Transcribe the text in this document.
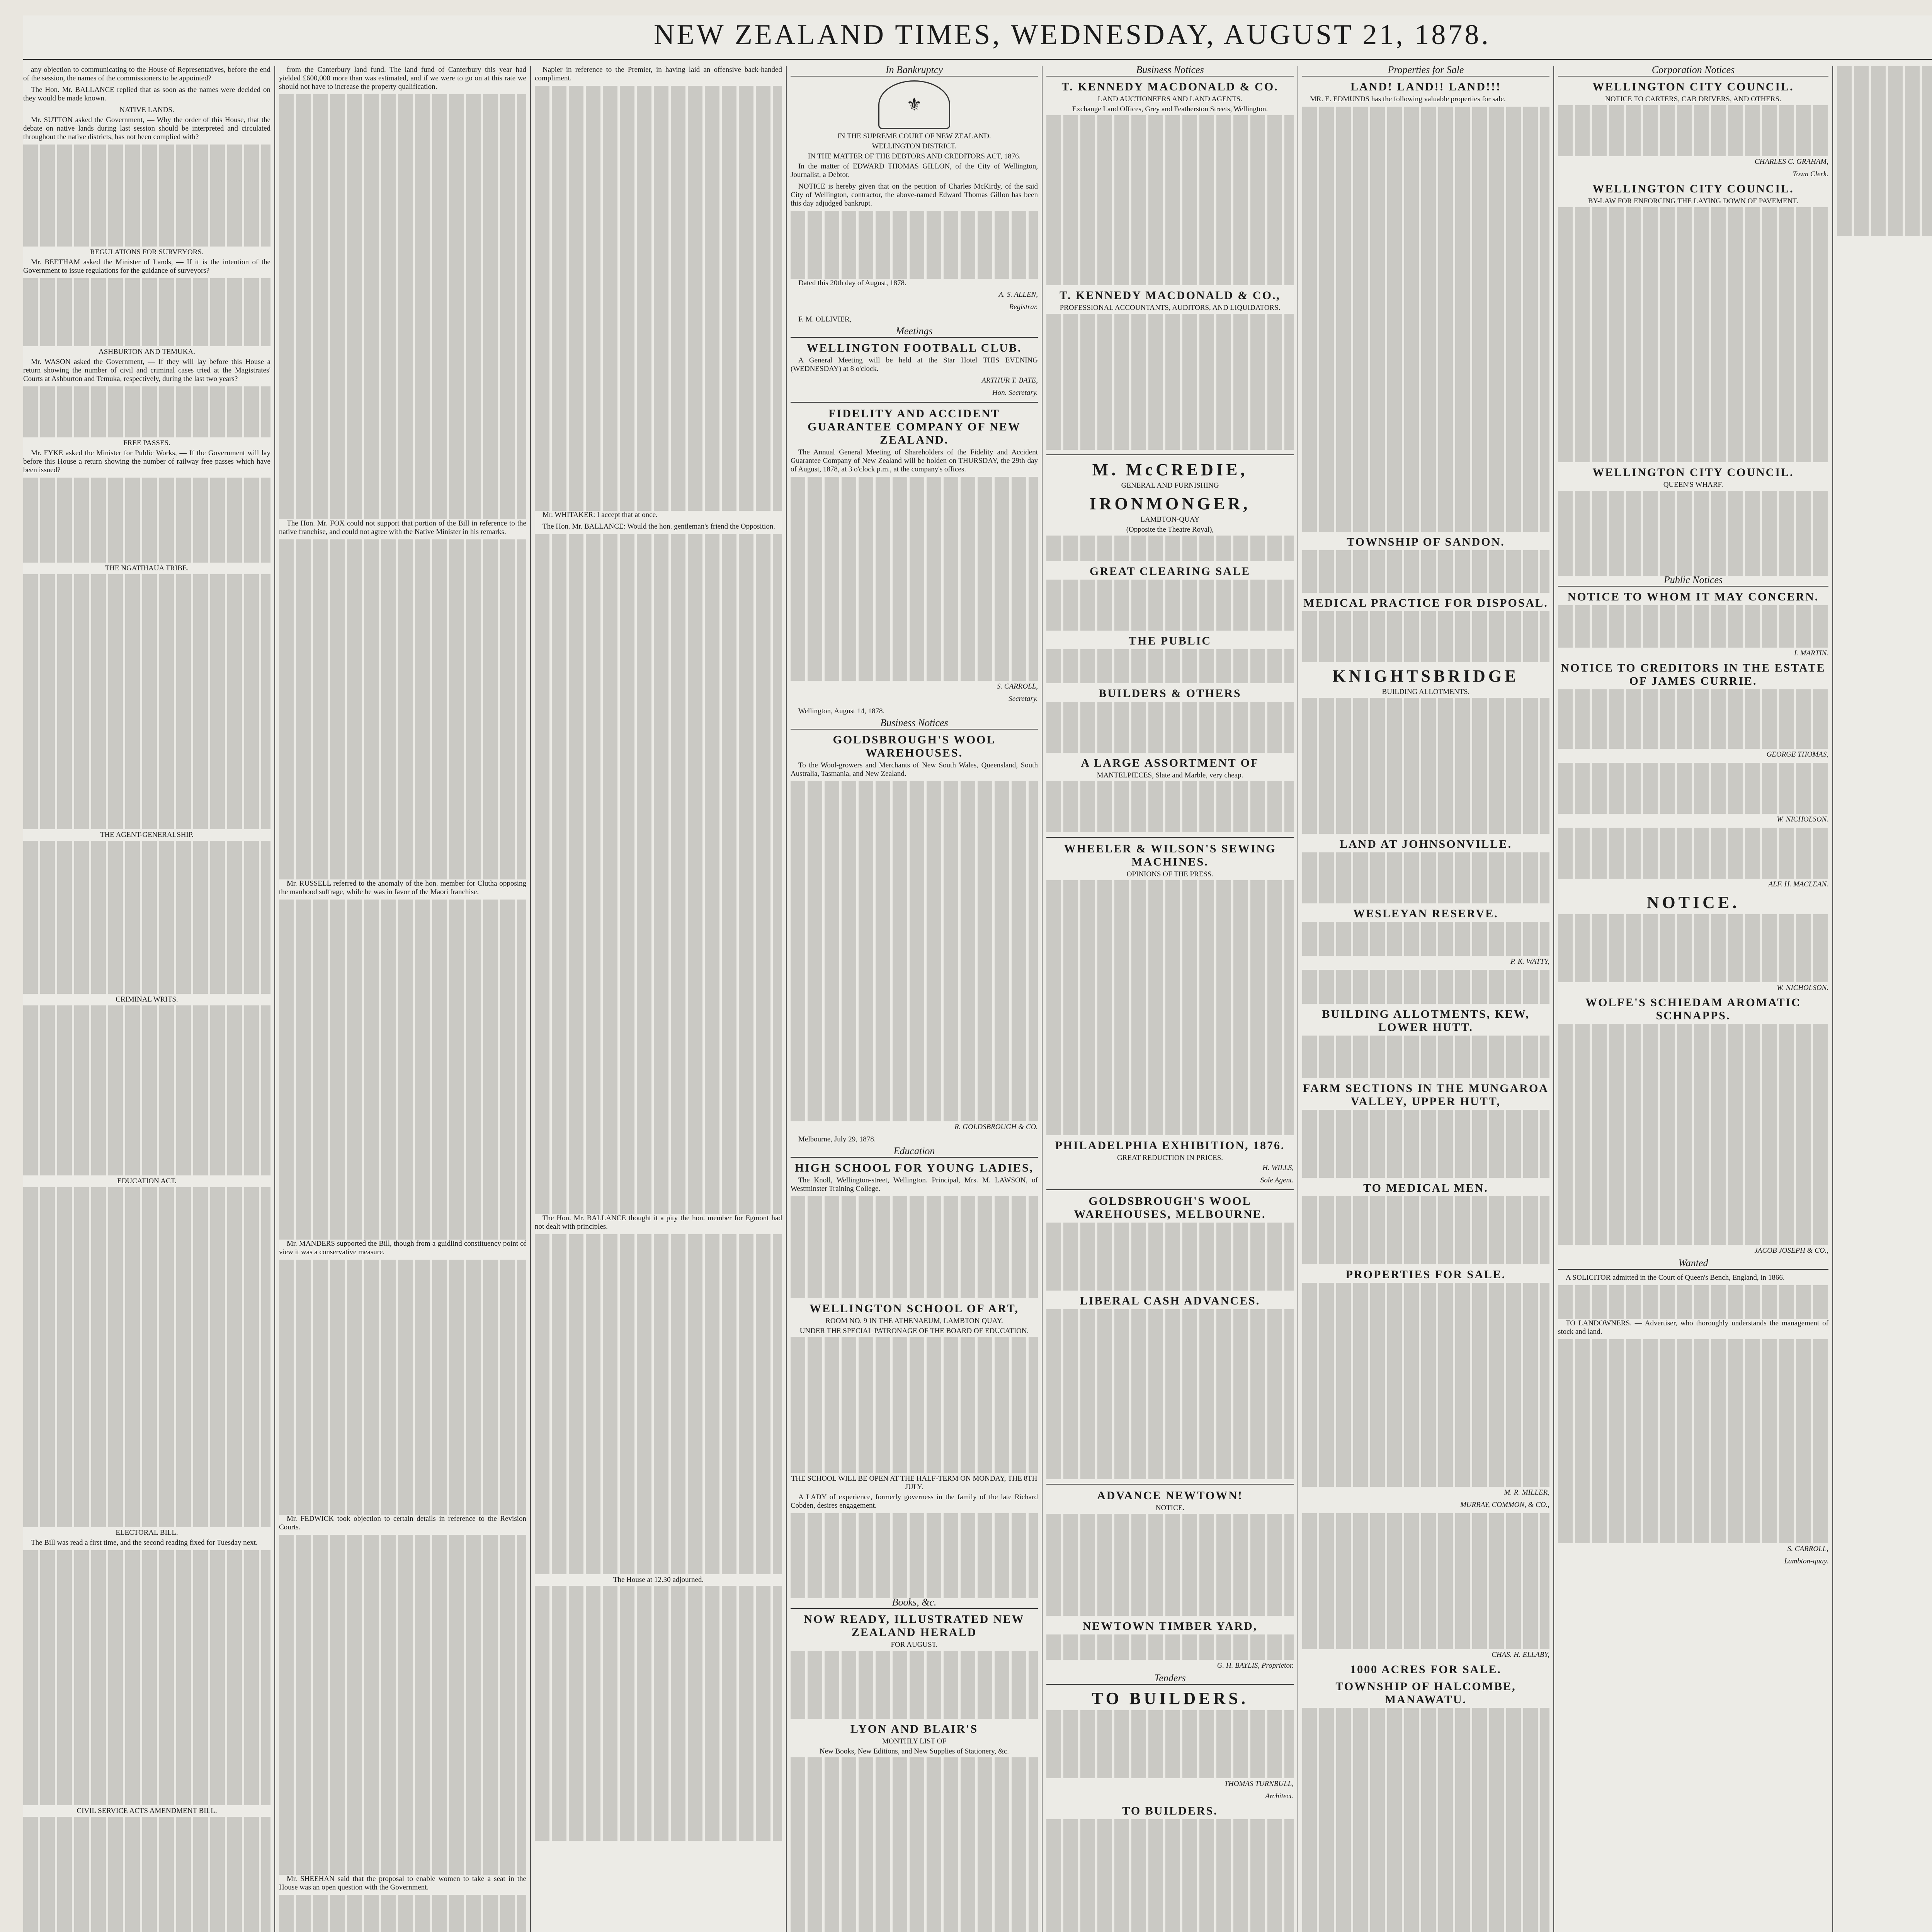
NEW ZEALAND TIMES, WEDNESDAY, AUGUST 21, 1878.

any objection to communicating to the House of Representatives, before the end of the session, the names of the commissioners to be appointed?

The Hon. Mr. BALLANCE replied that as soon as the names were decided on they would be made known.

NATIVE LANDS.

Mr. SUTTON asked the Government, — Why the order of this House, that the debate on native lands during last session should be interpreted and circulated throughout the native districts, has not been complied with?

REGULATIONS FOR SURVEYORS.

Mr. BEETHAM asked the Minister of Lands, — If it is the intention of the Government to issue regulations for the guidance of surveyors?

ASHBURTON AND TEMUKA.

Mr. WASON asked the Government, — If they will lay before this House a return showing the number of civil and criminal cases tried at the Magistrates' Courts at Ashburton and Temuka, respectively, during the last two years?

FREE PASSES.

Mr. FYKE asked the Minister for Public Works, — If the Government will lay before this House a return showing the number of railway free passes which have been issued?

THE NGATIHAUA TRIBE.

THE AGENT-GENERALSHIP.

CRIMINAL WRITS.

EDUCATION ACT.

ELECTORAL BILL.

The Bill was read a first time, and the second reading fixed for Tuesday next.

CIVIL SERVICE ACTS AMENDMENT BILL.

from the Canterbury land fund. The land fund of Canterbury this year had yielded £600,000 more than was estimated, and if we were to go on at this rate we should not have to increase the property qualification.

The Hon. Mr. FOX could not support that portion of the Bill in reference to the native franchise, and could not agree with the Native Minister in his remarks.

Mr. RUSSELL referred to the anomaly of the hon. member for Clutha opposing the manhood suffrage, while he was in favor of the Maori franchise.

Mr. MANDERS supported the Bill, though from a guidlind constituency point of view it was a conservative measure.

Mr. FEDWICK took objection to certain details in reference to the Revision Courts.

Mr. SHEEHAN said that the proposal to enable women to take a seat in the House was an open question with the Government.

Napier in reference to the Premier, in having laid an offensive back-handed compliment.

Mr. WHITAKER: I accept that at once.

The Hon. Mr. BALLANCE: Would the hon. gentleman's friend the Opposition.

The Hon. Mr. BALLANCE thought it a pity the hon. member for Egmont had not dealt with principles.

The House at 12.30 adjourned.

In Bankruptcy
⚜

IN THE SUPREME COURT OF NEW ZEALAND.

WELLINGTON DISTRICT.

IN THE MATTER OF THE DEBTORS AND CREDITORS ACT, 1876.

In the matter of EDWARD THOMAS GILLON, of the City of Wellington, Journalist, a Debtor.

NOTICE is hereby given that on the petition of Charles McKirdy, of the said City of Wellington, contractor, the above-named Edward Thomas Gillon has been this day adjudged bankrupt.

Dated this 20th day of August, 1878.

A. S. ALLEN,

Registrar.

F. M. OLLIVIER,

Meetings
WELLINGTON FOOTBALL CLUB.

A General Meeting will be held at the Star Hotel THIS EVENING (WEDNESDAY) at 8 o'clock.

ARTHUR T. BATE,

Hon. Secretary.

FIDELITY AND ACCIDENT GUARANTEE COMPANY OF NEW ZEALAND.

The Annual General Meeting of Shareholders of the Fidelity and Accident Guarantee Company of New Zealand will be holden on THURSDAY, the 29th day of August, 1878, at 3 o'clock p.m., at the company's offices.

S. CARROLL,

Secretary.

Wellington, August 14, 1878.

Business Notices
GOLDSBROUGH'S WOOL WAREHOUSES.

To the Wool-growers and Merchants of New South Wales, Queensland, South Australia, Tasmania, and New Zealand.

R. GOLDSBROUGH & CO.

Melbourne, July 29, 1878.

Education
HIGH SCHOOL FOR YOUNG LADIES,

The Knoll, Wellington-street, Wellington. Principal, Mrs. M. LAWSON, of Westminster Training College.

WELLINGTON SCHOOL OF ART,

ROOM NO. 9 IN THE ATHENAEUM, LAMBTON QUAY.

UNDER THE SPECIAL PATRONAGE OF THE BOARD OF EDUCATION.

THE SCHOOL WILL BE OPEN AT THE HALF-TERM ON MONDAY, THE 8TH JULY.

A LADY of experience, formerly governess in the family of the late Richard Cobden, desires engagement.

Books, &c.
NOW READY, ILLUSTRATED NEW ZEALAND HERALD

FOR AUGUST.

LYON AND BLAIR'S

MONTHLY LIST OF

New Books, New Editions, and New Supplies of Stationery, &c.

Business Notices
T. KENNEDY MACDONALD & CO.

LAND AUCTIONEERS AND LAND AGENTS.

Exchange Land Offices, Grey and Featherston Streets, Wellington.

T. KENNEDY MACDONALD & CO.,

PROFESSIONAL ACCOUNTANTS, AUDITORS, AND LIQUIDATORS.

M. McCREDIE,

GENERAL AND FURNISHING

IRONMONGER,

LAMBTON-QUAY

(Opposite the Theatre Royal),

GREAT CLEARING SALE
THE PUBLIC
BUILDERS & OTHERS
A LARGE ASSORTMENT OF

MANTELPIECES, Slate and Marble, very cheap.

WHEELER & WILSON'S SEWING MACHINES.

OPINIONS OF THE PRESS.

PHILADELPHIA EXHIBITION, 1876.

GREAT REDUCTION IN PRICES.

H. WILLS,

Sole Agent.

GOLDSBROUGH'S WOOL WAREHOUSES, MELBOURNE.
LIBERAL CASH ADVANCES.
ADVANCE NEWTOWN!

NOTICE.

NEWTOWN TIMBER YARD,

G. H. BAYLIS, Proprietor.

Tenders
TO BUILDERS.

THOMAS TURNBULL,

Architect.

TO BUILDERS.

Properties for Sale
LAND! LAND!! LAND!!!

MR. E. EDMUNDS has the following valuable properties for sale.

TOWNSHIP OF SANDON.
MEDICAL PRACTICE FOR DISPOSAL.
KNIGHTSBRIDGE

BUILDING ALLOTMENTS.

LAND AT JOHNSONVILLE.
WESLEYAN RESERVE.

P. K. WATTY,

BUILDING ALLOTMENTS, KEW, LOWER HUTT.
FARM SECTIONS IN THE MUNGAROA VALLEY, UPPER HUTT,
TO MEDICAL MEN.
PROPERTIES FOR SALE.

M. R. MILLER,

MURRAY, COMMON, & CO.,

CHAS. H. ELLABY,

1000 ACRES FOR SALE.
TOWNSHIP OF HALCOMBE, MANAWATU.

Corporation Notices
WELLINGTON CITY COUNCIL.

NOTICE TO CARTERS, CAB DRIVERS, AND OTHERS.

CHARLES C. GRAHAM,

Town Clerk.

WELLINGTON CITY COUNCIL.

BY-LAW FOR ENFORCING THE LAYING DOWN OF PAVEMENT.

WELLINGTON CITY COUNCIL.

QUEEN'S WHARF.

Public Notices
NOTICE TO WHOM IT MAY CONCERN.

I. MARTIN.

NOTICE TO CREDITORS IN THE ESTATE OF JAMES CURRIE.

GEORGE THOMAS,

W. NICHOLSON.

ALF. H. MACLEAN.

NOTICE.

W. NICHOLSON.

WOLFE'S SCHIEDAM AROMATIC SCHNAPPS.

JACOB JOSEPH & CO.,

Wanted

A SOLICITOR admitted in the Court of Queen's Bench, England, in 1866.

TO LANDOWNERS. — Advertiser, who thoroughly understands the management of stock and land.

S. CARROLL,

Lambton-quay.
